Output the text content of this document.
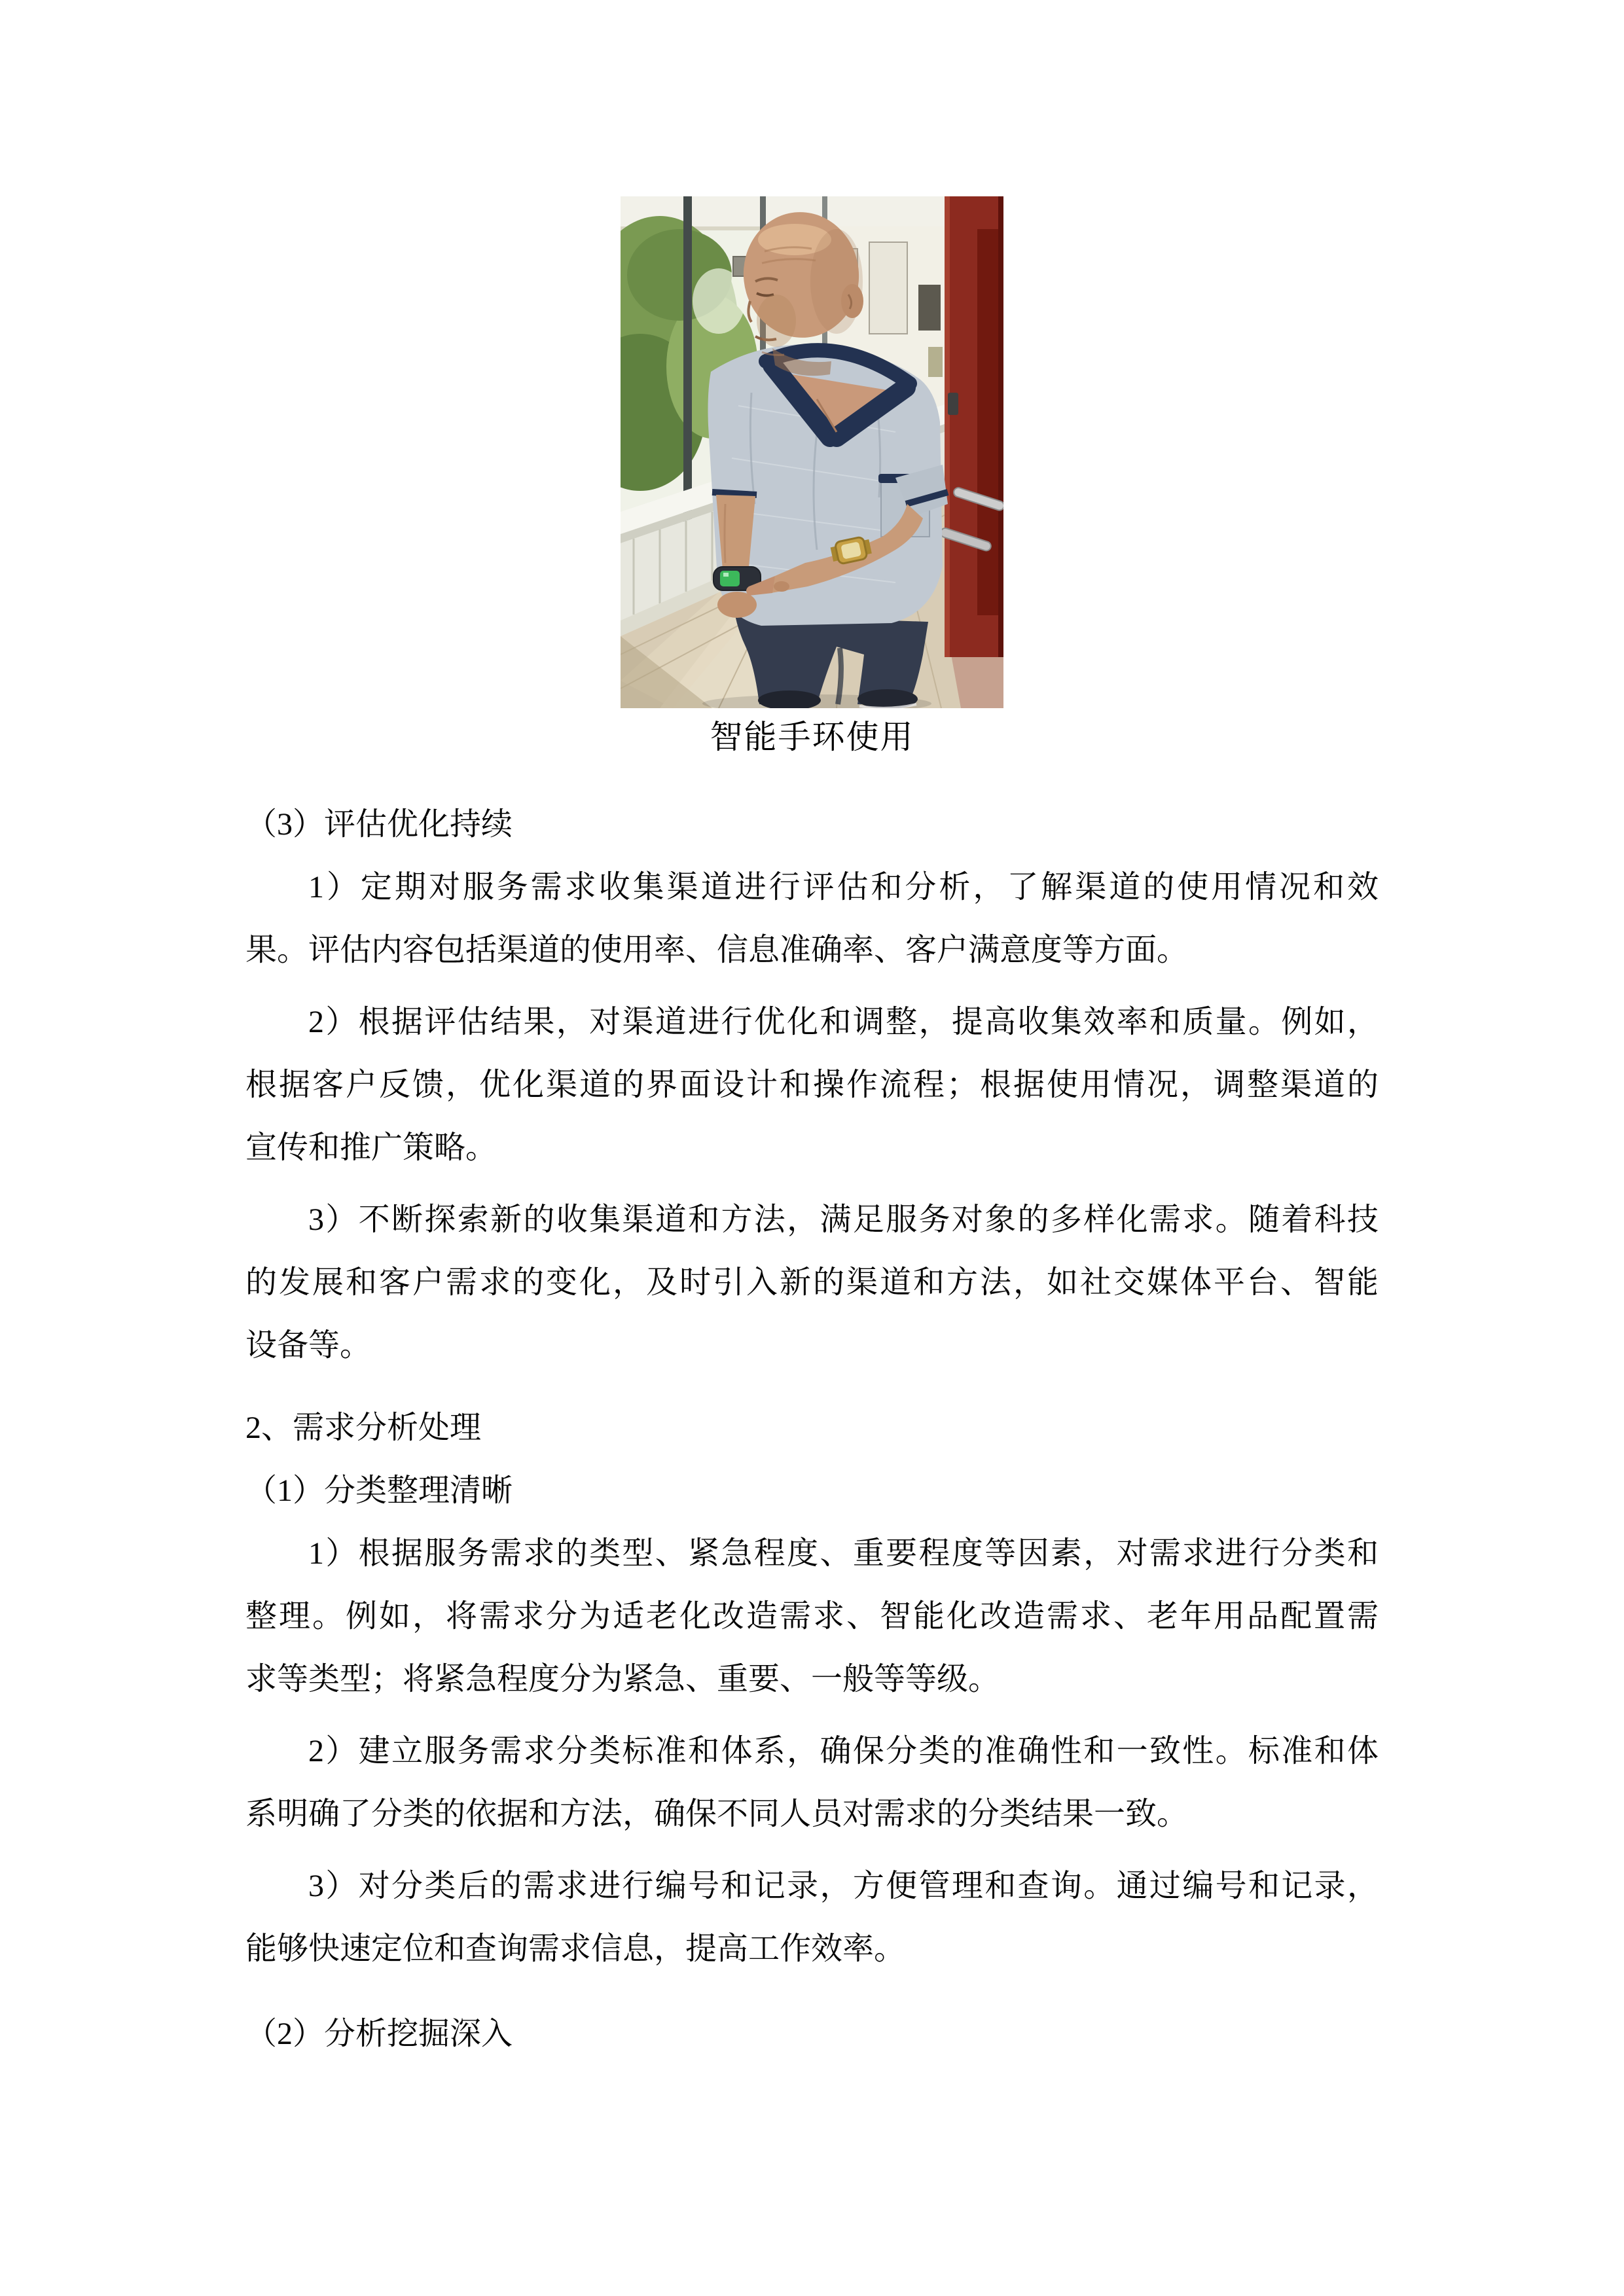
智能手环使用
（3）评估优化持续
1）定期对服务需求收集渠道进行评估和分析，了解渠道的使用情况和效
果。评估内容包括渠道的使用率、信息准确率、客户满意度等方面。
2）根据评估结果，对渠道进行优化和调整，提高收集效率和质量。例如，
根据客户反馈，优化渠道的界面设计和操作流程；根据使用情况，调整渠道的
宣传和推广策略。
3）不断探索新的收集渠道和方法，满足服务对象的多样化需求。随着科技
的发展和客户需求的变化，及时引入新的渠道和方法，如社交媒体平台、智能
设备等。
2、需求分析处理
（1）分类整理清晰
1）根据服务需求的类型、紧急程度、重要程度等因素，对需求进行分类和
整理。例如，将需求分为适老化改造需求、智能化改造需求、老年用品配置需
求等类型；将紧急程度分为紧急、重要、一般等等级。
2）建立服务需求分类标准和体系，确保分类的准确性和一致性。标准和体
系明确了分类的依据和方法，确保不同人员对需求的分类结果一致。
3）对分类后的需求进行编号和记录，方便管理和查询。通过编号和记录，
能够快速定位和查询需求信息，提高工作效率。
（2）分析挖掘深入
